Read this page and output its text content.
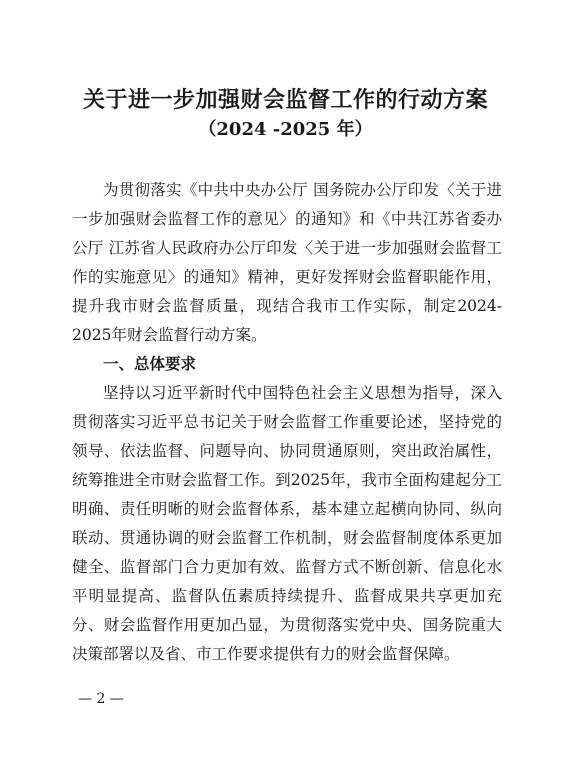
关于进一步加强财会监督工作的行动方案
（2024 -2025 年）

为贯彻落实《中共中央办公厅 国务院办公厅印发〈关于进一步加强财会监督工作的意见〉的通知》和《中共江苏省委办公厅 江苏省人民政府办公厅印发〈关于进一步加强财会监督工作的实施意见〉的通知》精神，更好发挥财会监督职能作用，提升我市财会监督质量，现结合我市工作实际，制定2024-2025年财会监督行动方案。

一、总体要求

坚持以习近平新时代中国特色社会主义思想为指导，深入贯彻落实习近平总书记关于财会监督工作重要论述，坚持党的领导、依法监督、问题导向、协同贯通原则，突出政治属性，统筹推进全市财会监督工作。到2025年，我市全面构建起分工明确、责任明晰的财会监督体系，基本建立起横向协同、纵向联动、贯通协调的财会监督工作机制，财会监督制度体系更加健全、监督部门合力更加有效、监督方式不断创新、信息化水平明显提高、监督队伍素质持续提升、监督成果共享更加充分、财会监督作用更加凸显，为贯彻落实党中央、国务院重大决策部署以及省、市工作要求提供有力的财会监督保障。

— 2 —
